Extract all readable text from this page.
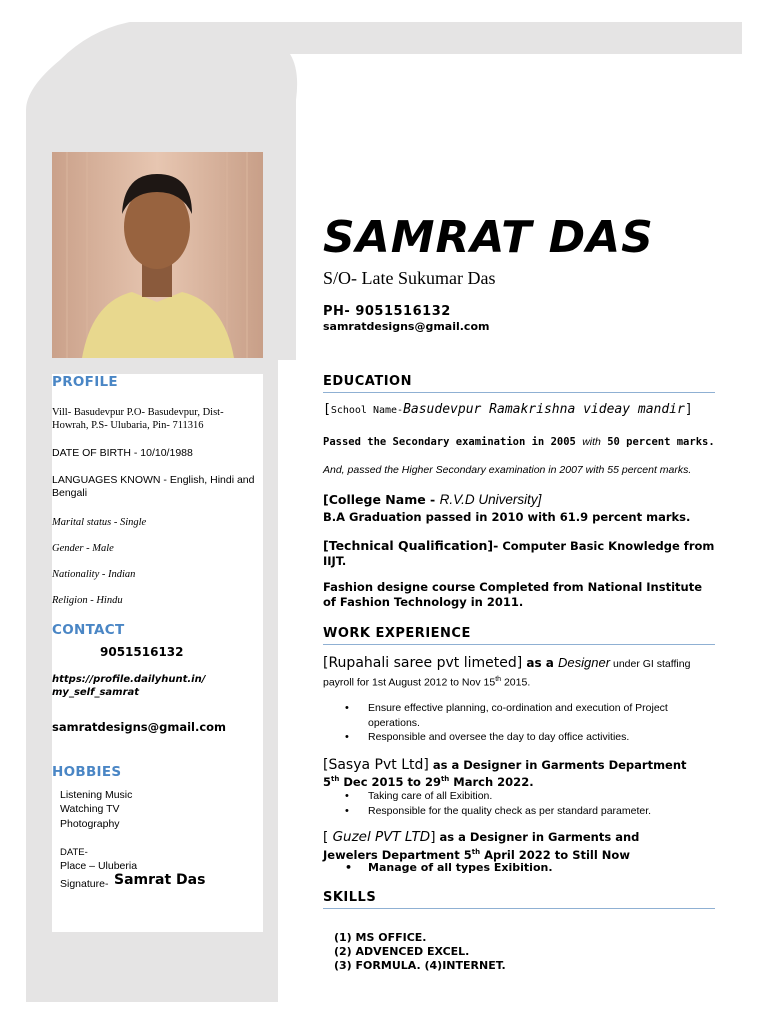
PROFILE
Vill- Basudevpur P.O- Basudevpur, Dist- Howrah, P.S- Ulubaria, Pin- 711316
DATE OF BIRTH - 10/10/1988
LANGUAGES KNOWN - English, Hindi and Bengali
Marital status - Single
Gender - Male
Nationality - Indian
Religion - Hindu
CONTACT
9051516132
https://profile.dailyhunt.in/ my_self_samrat
samratdesigns@gmail.com
HOBBIES
Listening Music
Watching TV
Photography
DATE-
Place – Uluberia
Signature- Samrat Das
SAMRAT DAS
S/O- Late Sukumar Das
PH- 9051516132
samratdesigns@gmail.com
EDUCATION
[School Name-Basudevpur Ramakrishna videay mandir]
Passed the Secondary examination in 2005 with 50 percent marks.
And, passed the Higher Secondary examination in 2007 with 55 percent marks.
[College Name - R.V.D University]
B.A Graduation passed in 2010 with 61.9 percent marks.
[Technical Qualification]- Computer Basic Knowledge from IIJT.
Fashion designe course Completed from National Institute of Fashion Technology in 2011.
WORK EXPERIENCE
[Rupahali saree pvt limeted] as a Designer under GI staffing payroll for 1st August 2012 to Nov 15th 2015.
• Ensure effective planning, co-ordination and execution of Project operations.
• Responsible and oversee the day to day office activities.
[Sasya Pvt Ltd] as a Designer in Garments Department
5th Dec 2015 to 29th March 2022.
• Taking care of all Exibition.
• Responsible for the quality check as per standard parameter.
[ Guzel PVT LTD] as a Designer in Garments and
Jewelers Department 5th April 2022 to Still Now
• Manage of all types Exibition.
SKILLS
(1) MS OFFICE.
(2) ADVENCED EXCEL.
(3) FORMULA. (4)INTERNET.
